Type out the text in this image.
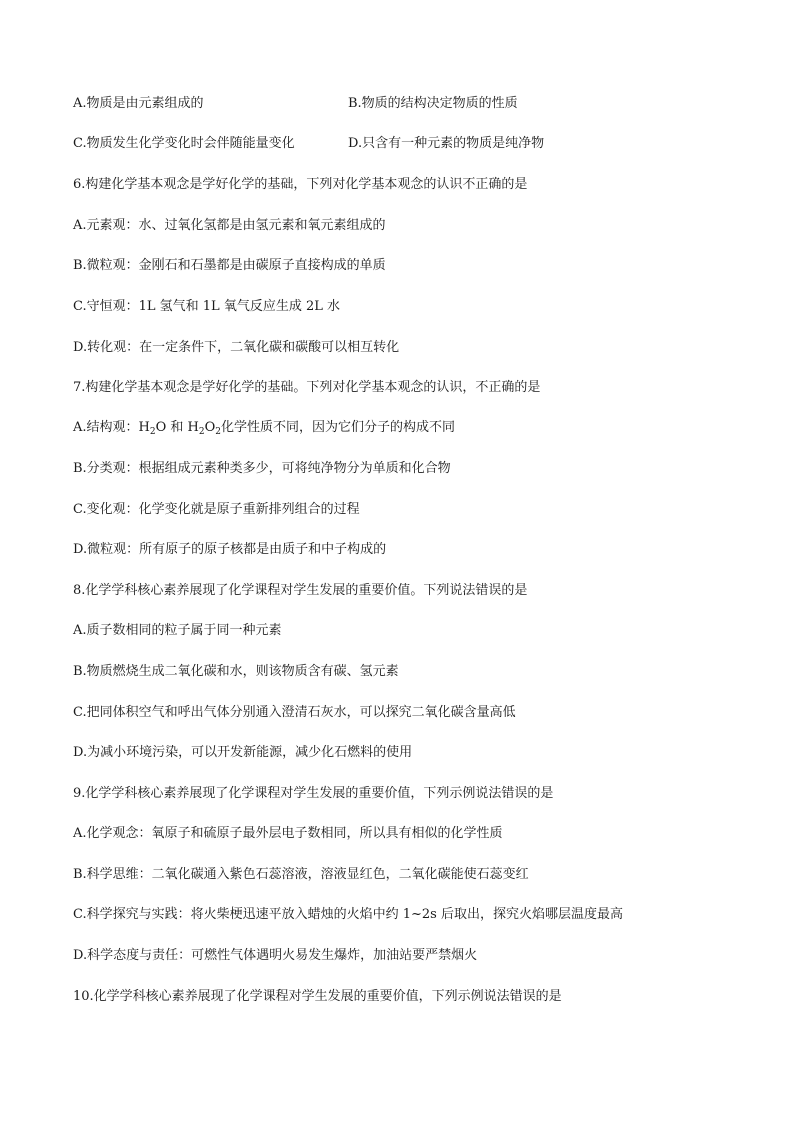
A.物质是由元素组成的	B.物质的结构决定物质的性质
C.物质发生化学变化时会伴随能量变化	D.只含有一种元素的物质是纯净物
6.构建化学基本观念是学好化学的基础，下列对化学基本观念的认识不正确的是
A.元素观：水、过氧化氢都是由氢元素和氧元素组成的
B.微粒观：金刚石和石墨都是由碳原子直接构成的单质
C.守恒观：1L 氢气和 1L 氧气反应生成 2L 水
D.转化观：在一定条件下，二氧化碳和碳酸可以相互转化
7.构建化学基本观念是学好化学的基础。下列对化学基本观念的认识，不正确的是
A.结构观：$H_2O$ 和 $H_2O_2$化学性质不同，因为它们分子的构成不同
B.分类观：根据组成元素种类多少，可将纯净物分为单质和化合物
C.变化观：化学变化就是原子重新排列组合的过程
D.微粒观：所有原子的原子核都是由质子和中子构成的
8.化学学科核心素养展现了化学课程对学生发展的重要价值。下列说法错误的是
A.质子数相同的粒子属于同一种元素
B.物质燃烧生成二氧化碳和水，则该物质含有碳、氢元素
C.把同体积空气和呼出气体分别通入澄清石灰水，可以探究二氧化碳含量高低
D.为减小环境污染，可以开发新能源，减少化石燃料的使用
9.化学学科核心素养展现了化学课程对学生发展的重要价值，下列示例说法错误的是
A.化学观念：氧原子和硫原子最外层电子数相同，所以具有相似的化学性质
B.科学思维：二氧化碳通入紫色石蕊溶液，溶液显红色，二氧化碳能使石蕊变红
C.科学探究与实践：将火柴梗迅速平放入蜡烛的火焰中约 1~2s 后取出，探究火焰哪层温度最高
D.科学态度与责任：可燃性气体遇明火易发生爆炸，加油站要严禁烟火
10.化学学科核心素养展现了化学课程对学生发展的重要价值，下列示例说法错误的是
